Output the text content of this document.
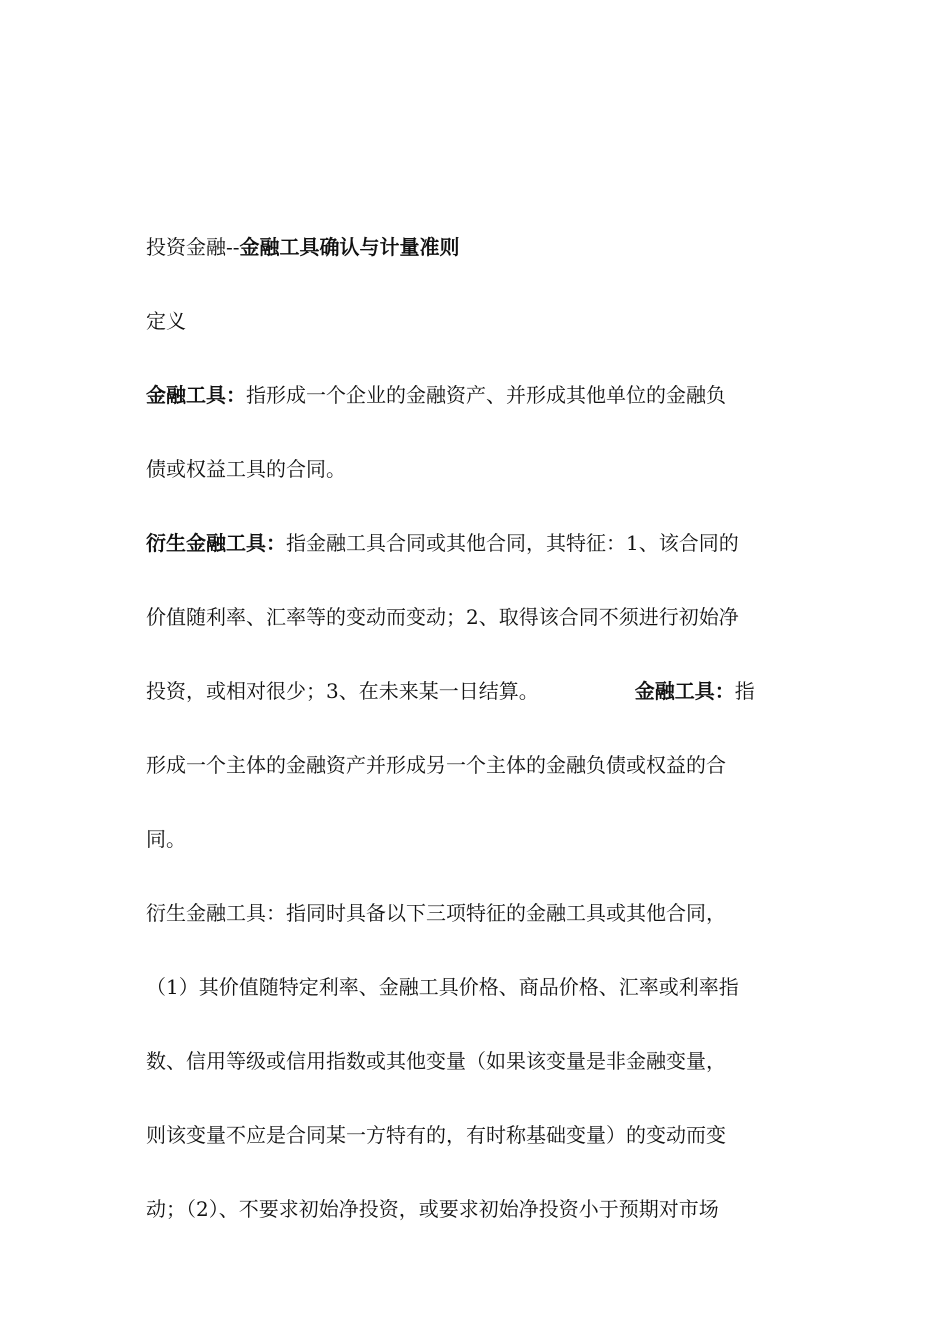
投资金融--金融工具确认与计量准则
定义
金融工具：指形成一个企业的金融资产、并形成其他单位的金融负
债或权益工具的合同。
衍生金融工具：指金融工具合同或其他合同，其特征：1、该合同的
价值随利率、汇率等的变动而变动；2、取得该合同不须进行初始净
投资，或相对很少；3、在未来某一日结算。	金融工具：指
形成一个主体的金融资产并形成另一个主体的金融负债或权益的合
同。
衍生金融工具：指同时具备以下三项特征的金融工具或其他合同，
（1）其价值随特定利率、金融工具价格、商品价格、汇率或利率指
数、信用等级或信用指数或其他变量（如果该变量是非金融变量，
则该变量不应是合同某一方特有的，有时称基础变量）的变动而变
动；（2）、不要求初始净投资，或要求初始净投资小于预期对市场
